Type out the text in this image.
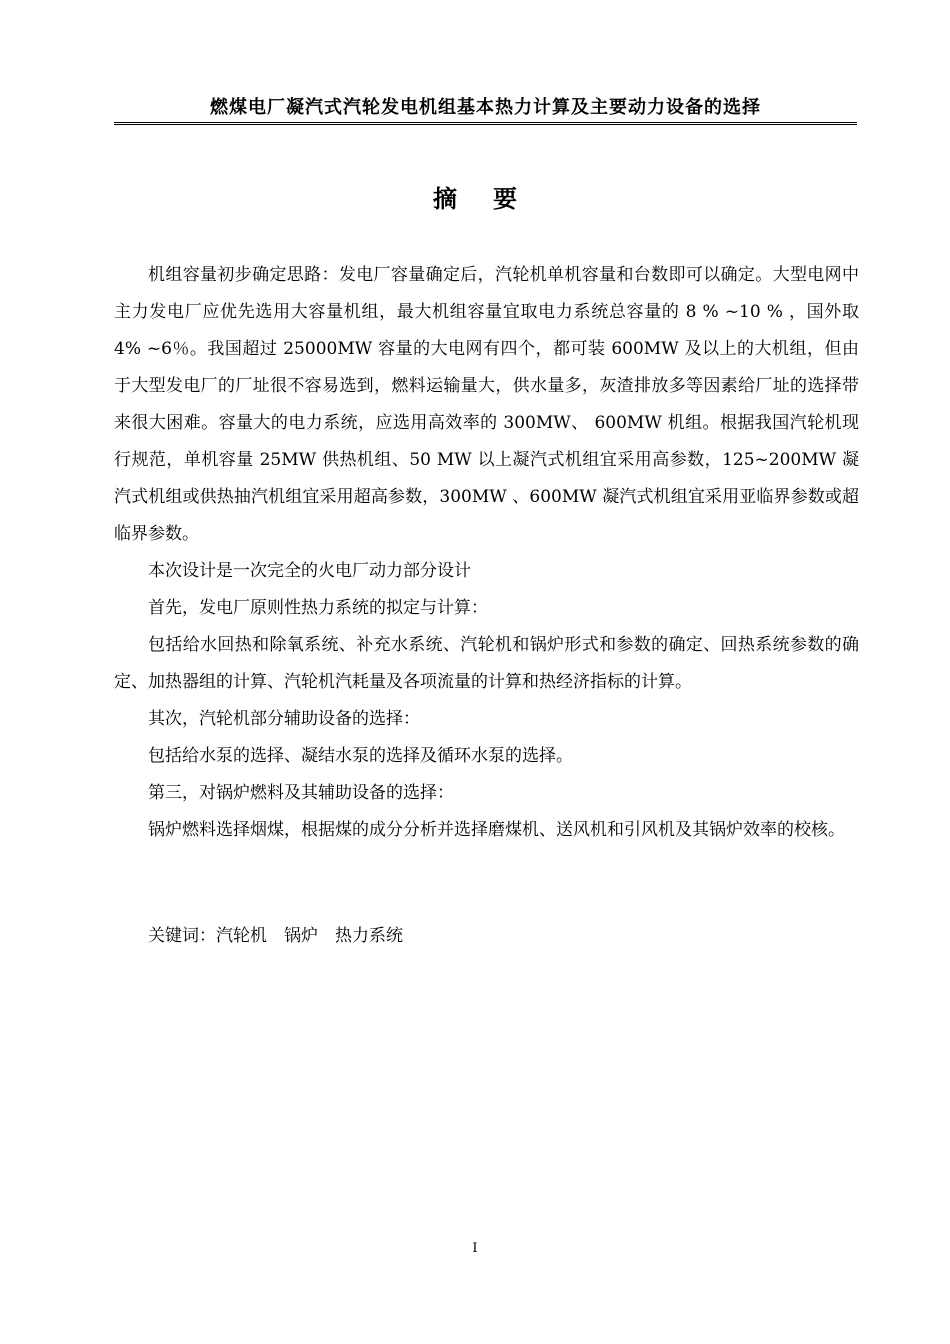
燃煤电厂凝汽式汽轮发电机组基本热力计算及主要动力设备的选择
摘要

机组容量初步确定思路：发电厂容量确定后，汽轮机单机容量和台数即可以确定。大型电网中主力发电厂应优先选用大容量机组，最大机组容量宜取电力系统总容量的 8 % ~10 % ，国外取 4% ~6％。我国超过 25000MW 容量的大电网有四个，都可装 600MW 及以上的大机组，但由于大型发电厂的厂址很不容易选到，燃料运输量大，供水量多，灰渣排放多等因素给厂址的选择带来很大困难。容量大的电力系统，应选用高效率的 300MW、 600MW 机组。根据我国汽轮机现行规范，单机容量 25MW 供热机组、50 MW 以上凝汽式机组宜采用高参数，125~200MW 凝汽式机组或供热抽汽机组宜采用超高参数，300MW 、600MW 凝汽式机组宜采用亚临界参数或超临界参数。

本次设计是一次完全的火电厂动力部分设计

首先，发电厂原则性热力系统的拟定与计算：

包括给水回热和除氧系统、补充水系统、汽轮机和锅炉形式和参数的确定、回热系统参数的确定、加热器组的计算、汽轮机汽耗量及各项流量的计算和热经济指标的计算。

其次，汽轮机部分辅助设备的选择：

包括给水泵的选择、凝结水泵的选择及循环水泵的选择。

第三，对锅炉燃料及其辅助设备的选择：

锅炉燃料选择烟煤，根据煤的成分分析并选择磨煤机、送风机和引风机及其锅炉效率的校核。

关键词：汽轮机　锅炉　热力系统
I
